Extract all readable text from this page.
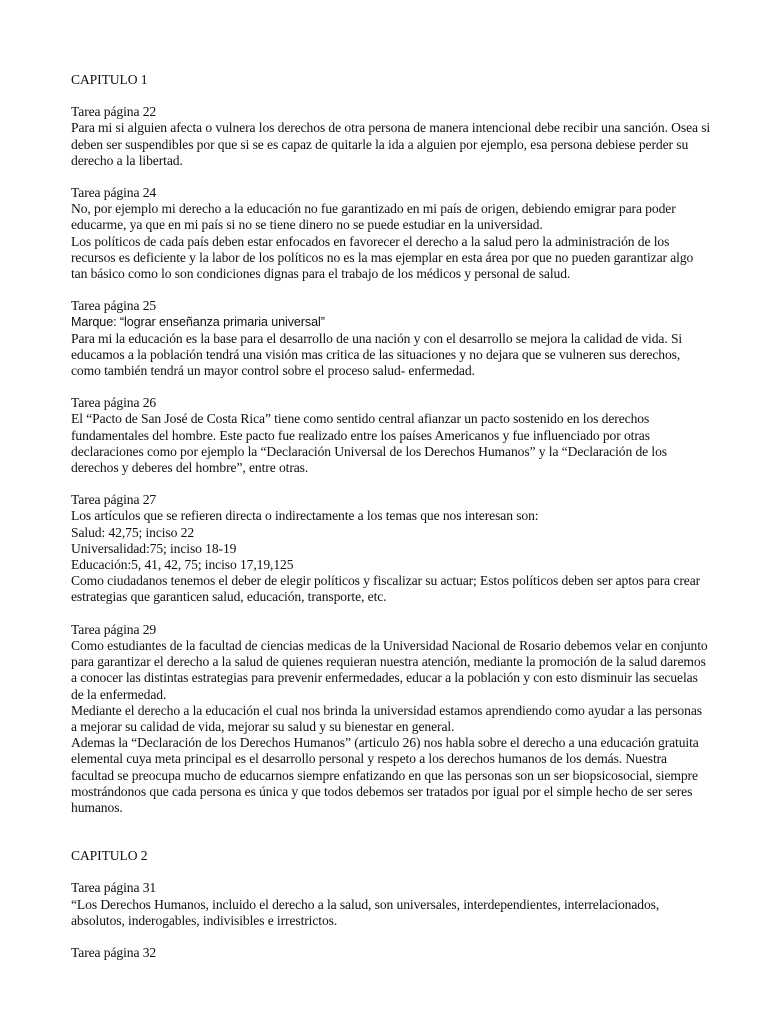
CAPITULO 1
Tarea página 22

Para mi si alguien afecta o vulnera los derechos de otra persona de manera intencional debe recibir una sanción. Osea si deben ser suspendibles por que si se es capaz de quitarle la ida a alguien por ejemplo, esa persona debiese perder su derecho a la libertad.

Tarea página 24

No, por ejemplo mi derecho a la educación no fue garantizado en mi país de origen, debiendo emigrar para poder educarme, ya que en mi país si no se tiene dinero no se puede estudiar en la universidad.

Los políticos de cada país deben estar enfocados en favorecer el derecho a la salud pero la administración de los recursos es deficiente y la labor de los políticos no es la mas ejemplar en esta área por que no pueden garantizar algo tan básico como lo son condiciones dignas para el trabajo de los médicos y personal de salud.

Tarea página 25

Marque: “lograr enseñanza primaria universal”

Para mi la educación es la base para el desarrollo de una nación y con el desarrollo se mejora la calidad de vida. Si educamos a la población tendrá una visión mas critica de las situaciones y no dejara que se vulneren sus derechos, como también tendrá un mayor control sobre el proceso salud- enfermedad.

Tarea página 26

El “Pacto de San José de Costa Rica” tiene como sentido central afianzar un pacto sostenido en los derechos fundamentales del hombre. Este pacto fue realizado entre los países Americanos y fue influenciado por otras declaraciones como por ejemplo la “Declaración Universal de los Derechos Humanos” y la “Declaración de los derechos y deberes del hombre”, entre otras.

Tarea página 27

Los artículos que se refieren directa o indirectamente a los temas que nos interesan son:

Salud: 42,75; inciso 22

Universalidad:75; inciso 18-19

Educación:5, 41, 42, 75; inciso 17,19,125

Como ciudadanos tenemos el deber de elegir políticos y fiscalizar su actuar; Estos políticos deben ser aptos para crear estrategias que garanticen salud, educación, transporte, etc.

Tarea página 29

Como estudiantes de la facultad de ciencias medicas de la Universidad Nacional de Rosario debemos velar en conjunto para garantizar el derecho a la salud de quienes requieran nuestra atención, mediante la promoción de la salud daremos a conocer las distintas estrategias para prevenir enfermedades, educar a la población y con esto disminuir las secuelas de la enfermedad.

Mediante el derecho a la educación el cual nos brinda la universidad estamos aprendiendo como ayudar a las personas a mejorar su calidad de vida, mejorar su salud y su bienestar en general.

Ademas la “Declaración de los Derechos Humanos” (articulo 26) nos habla sobre el derecho a una educación gratuita elemental cuya meta principal es el desarrollo personal y respeto a los derechos humanos de los demás. Nuestra facultad se preocupa mucho de educarnos siempre enfatizando en que las personas son un ser biopsicosocial, siempre mostrándonos que cada persona es única y que todos debemos ser tratados por igual por el simple hecho de ser seres humanos.

CAPITULO 2
Tarea página 31

“Los Derechos Humanos, incluido el derecho a la salud, son universales, interdependientes, interrelacionados, absolutos, inderogables, indivisibles e irrestrictos.

Tarea página 32
